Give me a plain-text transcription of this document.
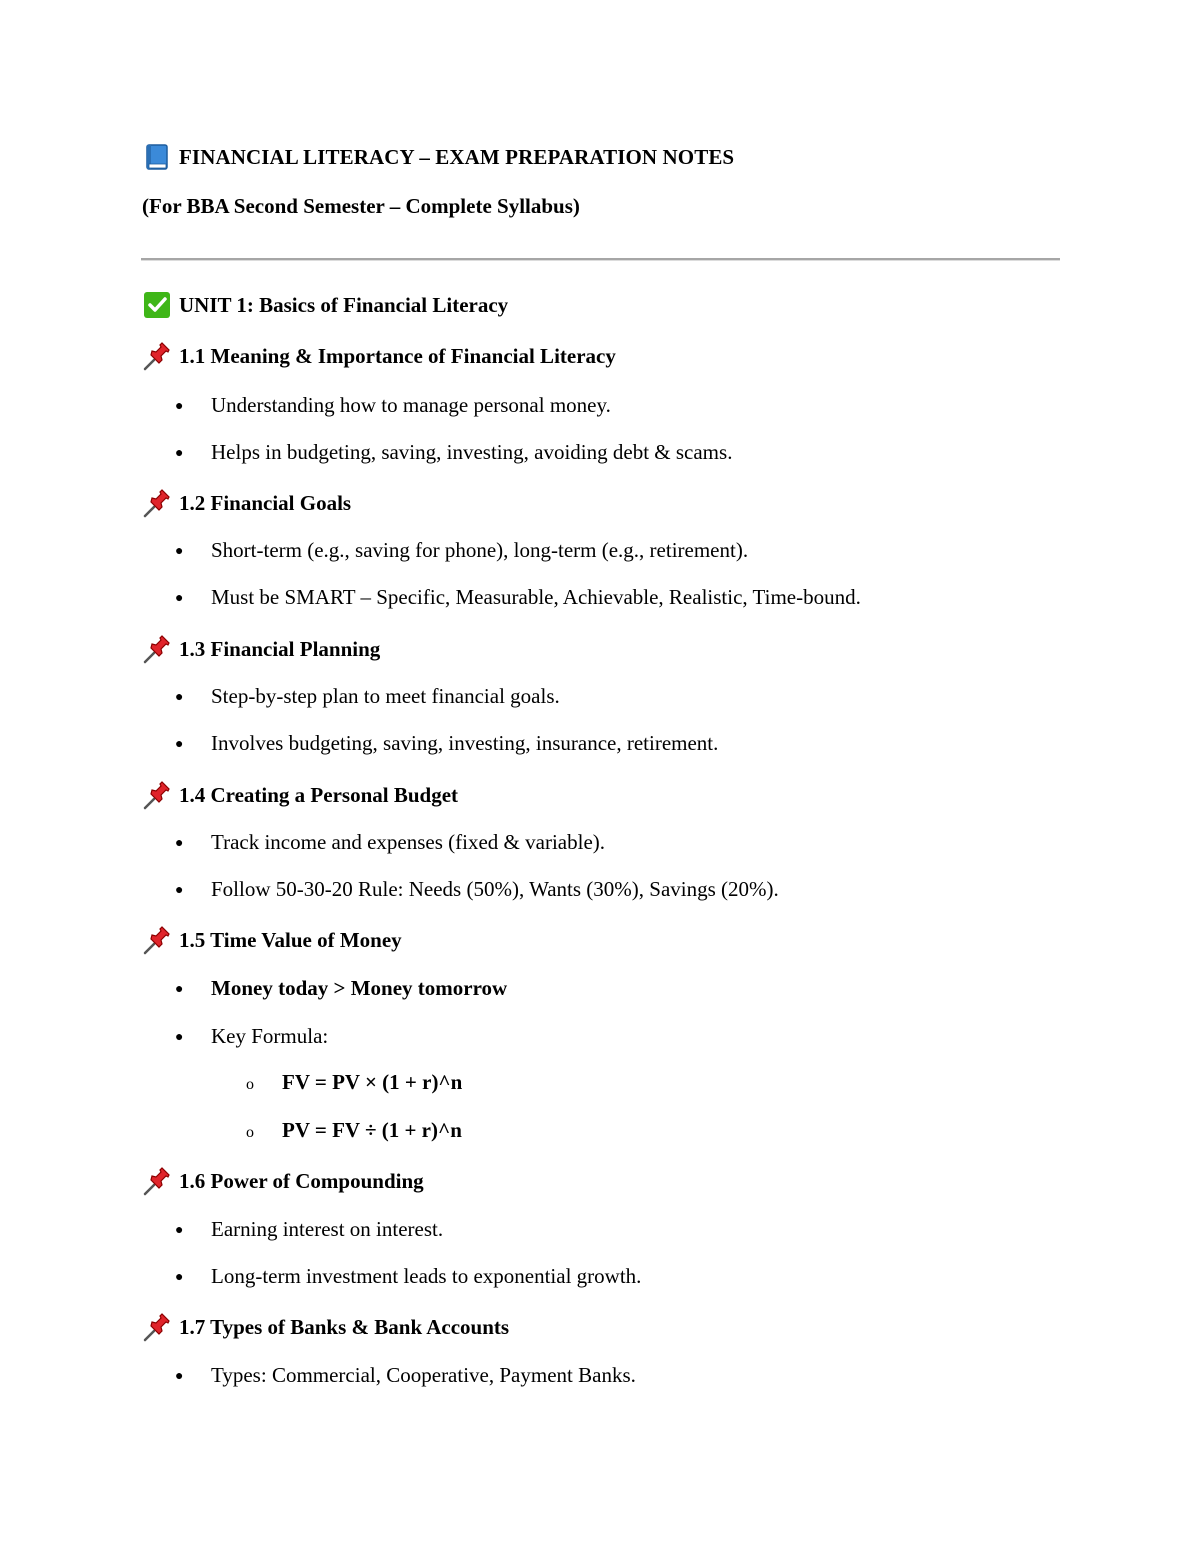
FINANCIAL LITERACY – EXAM PREPARATION NOTES
(For BBA Second Semester – Complete Syllabus)
UNIT 1: Basics of Financial Literacy
1.1 Meaning & Importance of Financial Literacy
●	Understanding how to manage personal money.
●	Helps in budgeting, saving, investing, avoiding debt & scams.
1.2 Financial Goals
●	Short-term (e.g., saving for phone), long-term (e.g., retirement).
●	Must be SMART – Specific, Measurable, Achievable, Realistic, Time-bound.
1.3 Financial Planning
●	Step-by-step plan to meet financial goals.
●	Involves budgeting, saving, investing, insurance, retirement.
1.4 Creating a Personal Budget
●	Track income and expenses (fixed & variable).
●	Follow 50-30-20 Rule: Needs (50%), Wants (30%), Savings (20%).
1.5 Time Value of Money
●	Money today > Money tomorrow
●	Key Formula:
o	FV = PV × (1 + r)^n
o	PV = FV ÷ (1 + r)^n
1.6 Power of Compounding
●	Earning interest on interest.
●	Long-term investment leads to exponential growth.
1.7 Types of Banks & Bank Accounts
●	Types: Commercial, Cooperative, Payment Banks.
